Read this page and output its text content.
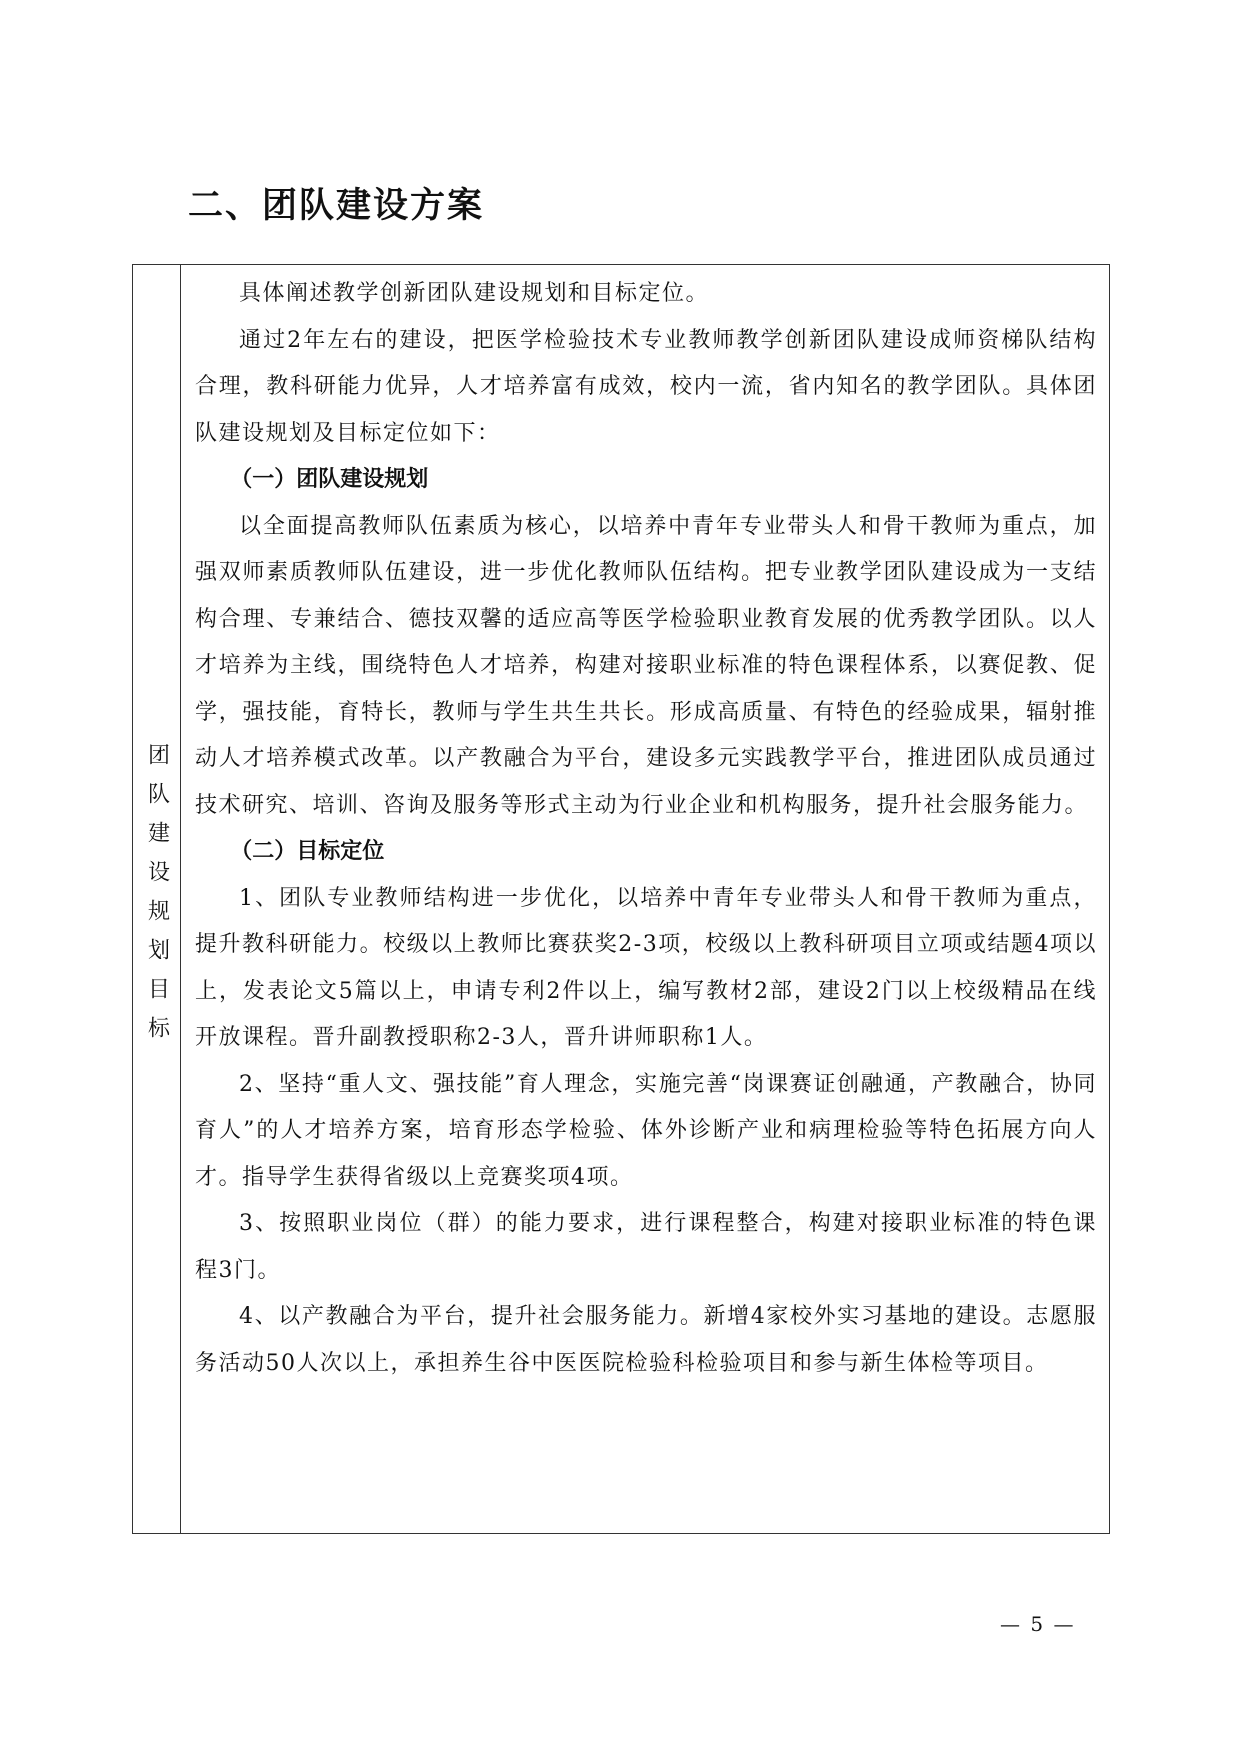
二、团队建设方案
团队建设规划目标

具体阐述教学创新团队建设规划和目标定位。

通过2年左右的建设，把医学检验技术专业教师教学创新团队建设成师资梯队结构合理，教科研能力优异，人才培养富有成效，校内一流，省内知名的教学团队。具体团队建设规划及目标定位如下：

（一）团队建设规划

以全面提高教师队伍素质为核心，以培养中青年专业带头人和骨干教师为重点，加强双师素质教师队伍建设，进一步优化教师队伍结构。把专业教学团队建设成为一支结构合理、专兼结合、德技双馨的适应高等医学检验职业教育发展的优秀教学团队。以人才培养为主线，围绕特色人才培养，构建对接职业标准的特色课程体系，以赛促教、促学，强技能，育特长，教师与学生共生共长。形成高质量、有特色的经验成果，辐射推动人才培养模式改革。以产教融合为平台，建设多元实践教学平台，推进团队成员通过技术研究、培训、咨询及服务等形式主动为行业企业和机构服务，提升社会服务能力。

（二）目标定位

1、团队专业教师结构进一步优化，以培养中青年专业带头人和骨干教师为重点，提升教科研能力。校级以上教师比赛获奖2-3项，校级以上教科研项目立项或结题4项以上，发表论文5篇以上，申请专利2件以上，编写教材2部，建设2门以上校级精品在线开放课程。晋升副教授职称2-3人，晋升讲师职称1人。

2、坚持“重人文、强技能”育人理念，实施完善“岗课赛证创融通，产教融合，协同育人”的人才培养方案，培育形态学检验、体外诊断产业和病理检验等特色拓展方向人才。指导学生获得省级以上竞赛奖项4项。

3、按照职业岗位（群）的能力要求，进行课程整合，构建对接职业标准的特色课程3门。

4、以产教融合为平台，提升社会服务能力。新增4家校外实习基地的建设。志愿服务活动50人次以上，承担养生谷中医医院检验科检验项目和参与新生体检等项目。

— 5 —
